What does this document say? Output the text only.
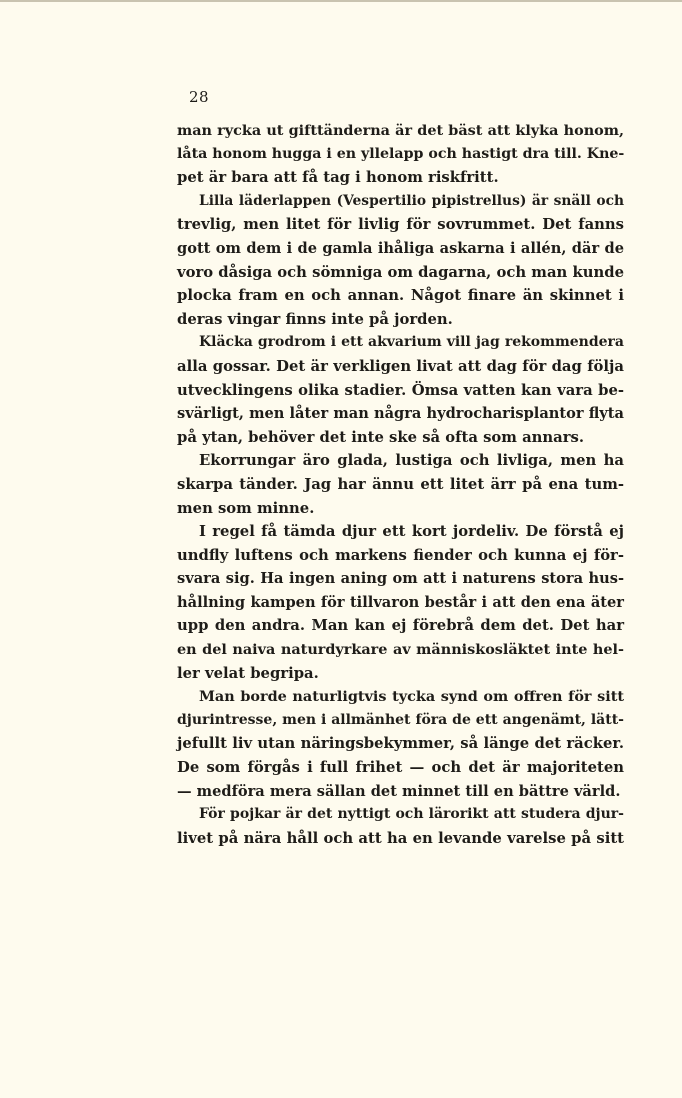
28
man rycka ut gifttänderna är det bäst att klyka honom,
låta honom hugga i en yllelapp och hastigt dra till. Kne-
pet är bara att få tag i honom riskfritt.
Lilla läderlappen (Vespertilio pipistrellus) är snäll och
trevlig, men litet för livlig för sovrummet. Det fanns
gott om dem i de gamla ihåliga askarna i allén, där de
voro dåsiga och sömniga om dagarna, och man kunde
plocka fram en och annan. Något finare än skinnet i
deras vingar finns inte på jorden.
Kläcka grodrom i ett akvarium vill jag rekommendera
alla gossar. Det är verkligen livat att dag för dag följa
utvecklingens olika stadier. Ömsa vatten kan vara be-
svärligt, men låter man några hydrocharisplantor flyta
på ytan, behöver det inte ske så ofta som annars.
Ekorrungar äro glada, lustiga och livliga, men ha
skarpa tänder. Jag har ännu ett litet ärr på ena tum-
men som minne.
I regel få tämda djur ett kort jordeliv. De förstå ej
undfly luftens och markens fiender och kunna ej för-
svara sig. Ha ingen aning om att i naturens stora hus-
hållning kampen för tillvaron består i att den ena äter
upp den andra. Man kan ej förebrå dem det. Det har
en del naiva naturdyrkare av människosläktet inte hel-
ler velat begripa.
Man borde naturligtvis tycka synd om offren för sitt
djurintresse, men i allmänhet föra de ett angenämt, lätt-
jefullt liv utan näringsbekymmer, så länge det räcker.
De som förgås i full frihet — och det är majoriteten
— medföra mera sällan det minnet till en bättre värld.
För pojkar är det nyttigt och lärorikt att studera djur-
livet på nära håll och att ha en levande varelse på sitt
